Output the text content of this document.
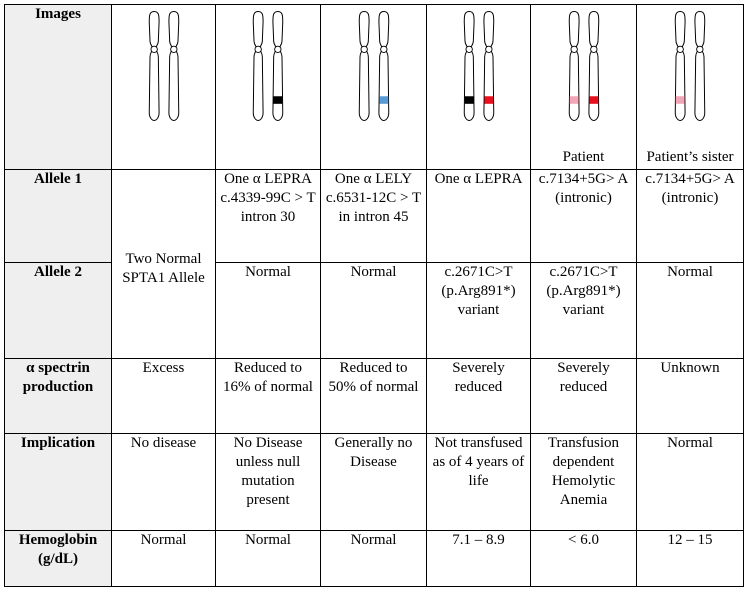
Images					Patient	Patient’s sister

Allele 1	Two Normal SPTA1 Allele	One α LEPRA c.4339-99C > T intron 30	One α LELY c.6531-12C > T in intron 45	One α LEPRA	c.7134+5G> A (intronic)	c.7134+5G> A (intronic)
Allele 2		Normal	Normal	c.2671C>T (p.Arg891*) variant	c.2671C>T (p.Arg891*) variant	Normal
α spectrin production	Excess	Reduced to 16% of normal	Reduced to 50% of normal	Severely reduced	Severely reduced	Unknown
Implication	No disease	No Disease unless null mutation present	Generally no Disease	Not transfused as of 4 years of life	Transfusion dependent Hemolytic Anemia	Normal
Hemoglobin (g/dL)	Normal	Normal	Normal	7.1 – 8.9	< 6.0	12 – 15
